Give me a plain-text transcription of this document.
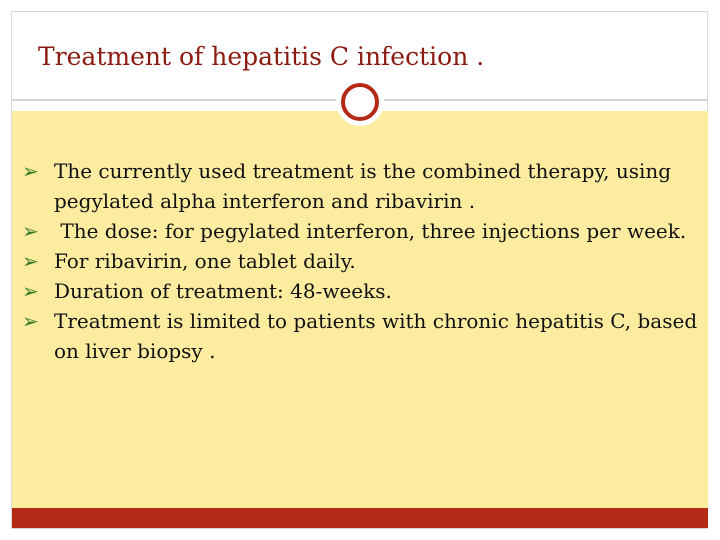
Treatment of hepatitis C infection .
➢ The currently used treatment is the combined therapy, using pegylated alpha interferon and ribavirin .
➢ The dose: for pegylated interferon, three injections per week.
➢ For ribavirin, one tablet daily.
➢ Duration of treatment: 48-weeks.
➢ Treatment is limited to patients with chronic hepatitis C, based on liver biopsy .
